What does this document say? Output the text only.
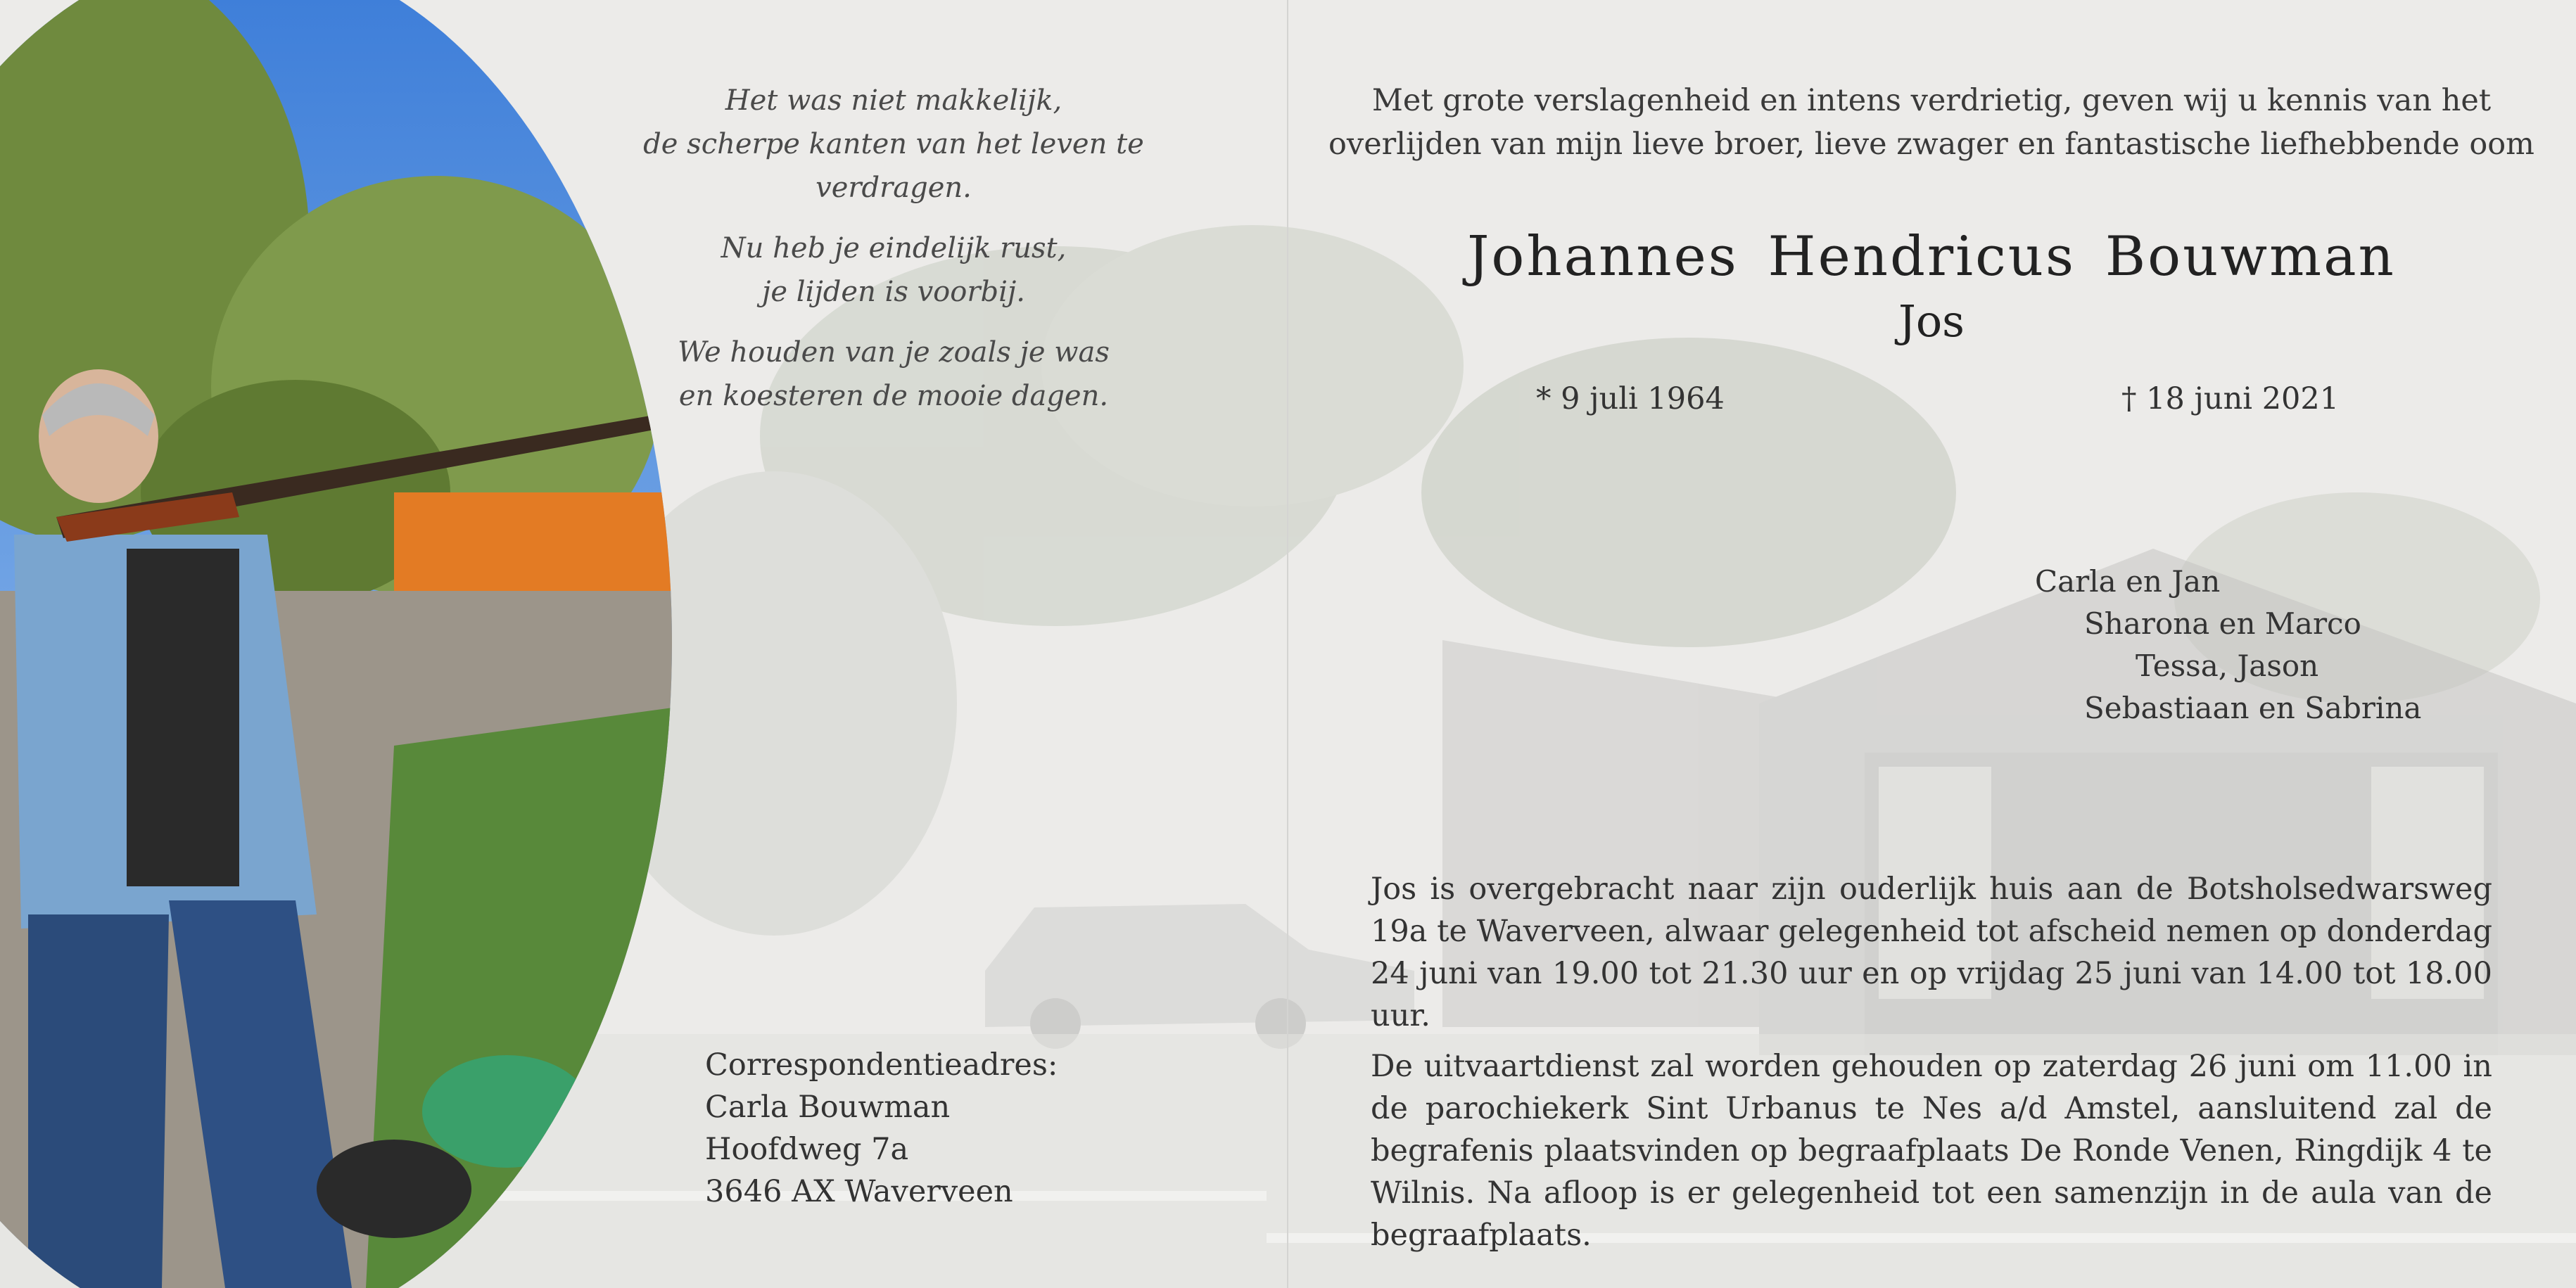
Het was niet makkelijk,
de scherpe kanten van het leven te verdragen.

Nu heb je eindelijk rust,
je lijden is voorbij.

We houden van je zoals je was
en koesteren de mooie dagen.

Correspondentieadres:
Carla Bouwman
Hoofdweg 7a
3646 AX Waverveen
Met grote verslagenheid en intens verdrietig, geven wij u kennis van het
overlijden van mijn lieve broer, lieve zwager en fantastische liefhebbende oom
Johannes Hendricus Bouwman
Jos
* 9 juli 1964	† 18 juni 2021
Carla en Jan
Sharona en Marco
Tessa, Jason
Sebastiaan en Sabrina
Jos is overgebracht naar zijn ouderlijk huis aan de Botsholsedwarsweg 19a te Waverveen, alwaar gelegenheid tot afscheid nemen op donderdag 24 juni van 19.00 tot 21.30 uur en op vrijdag 25 juni van 14.00 tot 18.00 uur.
De uitvaartdienst zal worden gehouden op zaterdag 26 juni om 11.00 in de parochiekerk Sint Urbanus te Nes a/d Amstel, aansluitend zal de begrafenis plaatsvinden op begraafplaats De Ronde Venen, Ringdijk 4 te Wilnis. Na afloop is er gelegenheid tot een samenzijn in de aula van de begraafplaats.
